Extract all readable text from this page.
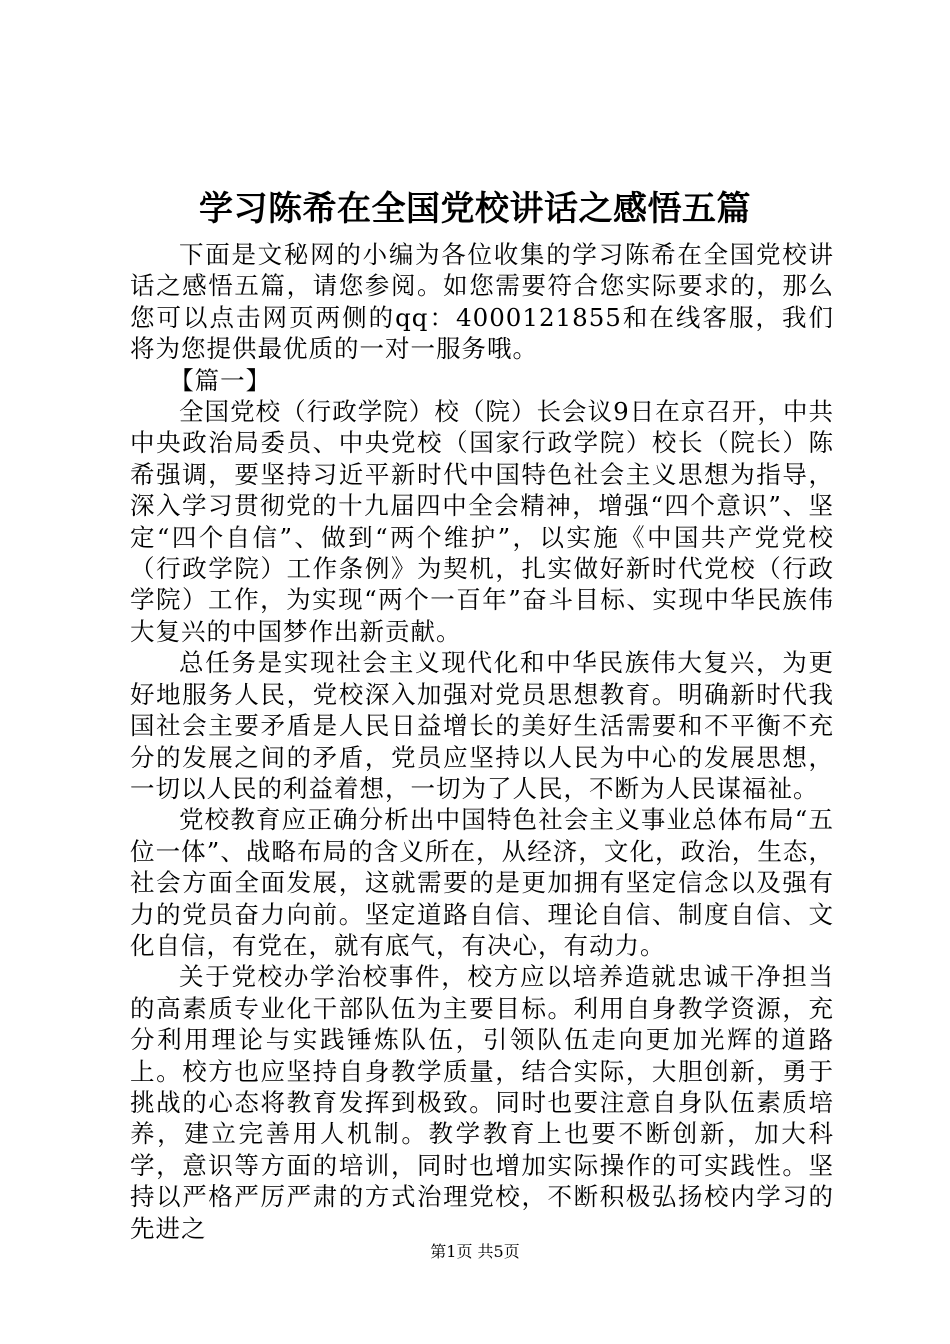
学习陈希在全国党校讲话之感悟五篇

下面是文秘网的小编为各位收集的学习陈希在全国党校讲话之感悟五篇，请您参阅。如您需要符合您实际要求的，那么您可以点击网页两侧的qq：4000121855和在线客服，我们将为您提供最优质的一对一服务哦。

【篇一】

全国党校（行政学院）校（院）长会议9日在京召开，中共中央政治局委员、中央党校（国家行政学院）校长（院长）陈希强调，要坚持习近平新时代中国特色社会主义思想为指导，深入学习贯彻党的十九届四中全会精神，增强“四个意识”、坚定“四个自信”、做到“两个维护”，以实施《中国共产党党校（行政学院）工作条例》为契机，扎实做好新时代党校（行政学院）工作，为实现“两个一百年”奋斗目标、实现中华民族伟大复兴的中国梦作出新贡献。

总任务是实现社会主义现代化和中华民族伟大复兴，为更好地服务人民，党校深入加强对党员思想教育。明确新时代我国社会主要矛盾是人民日益增长的美好生活需要和不平衡不充分的发展之间的矛盾，党员应坚持以人民为中心的发展思想，一切以人民的利益着想，一切为了人民，不断为人民谋福祉。

党校教育应正确分析出中国特色社会主义事业总体布局“五位一体”、战略布局的含义所在，从经济，文化，政治，生态，社会方面全面发展，这就需要的是更加拥有坚定信念以及强有力的党员奋力向前。坚定道路自信、理论自信、制度自信、文化自信，有党在，就有底气，有决心，有动力。

关于党校办学治校事件，校方应以培养造就忠诚干净担当的高素质专业化干部队伍为主要目标。利用自身教学资源，充分利用理论与实践锤炼队伍，引领队伍走向更加光辉的道路上。校方也应坚持自身教学质量，结合实际，大胆创新，勇于挑战的心态将教育发挥到极致。同时也要注意自身队伍素质培养，建立完善用人机制。教学教育上也要不断创新，加大科学，意识等方面的培训，同时也增加实际操作的可实践性。坚持以严格严厉严肃的方式治理党校，不断积极弘扬校内学习的先进之

第1页 共5页
